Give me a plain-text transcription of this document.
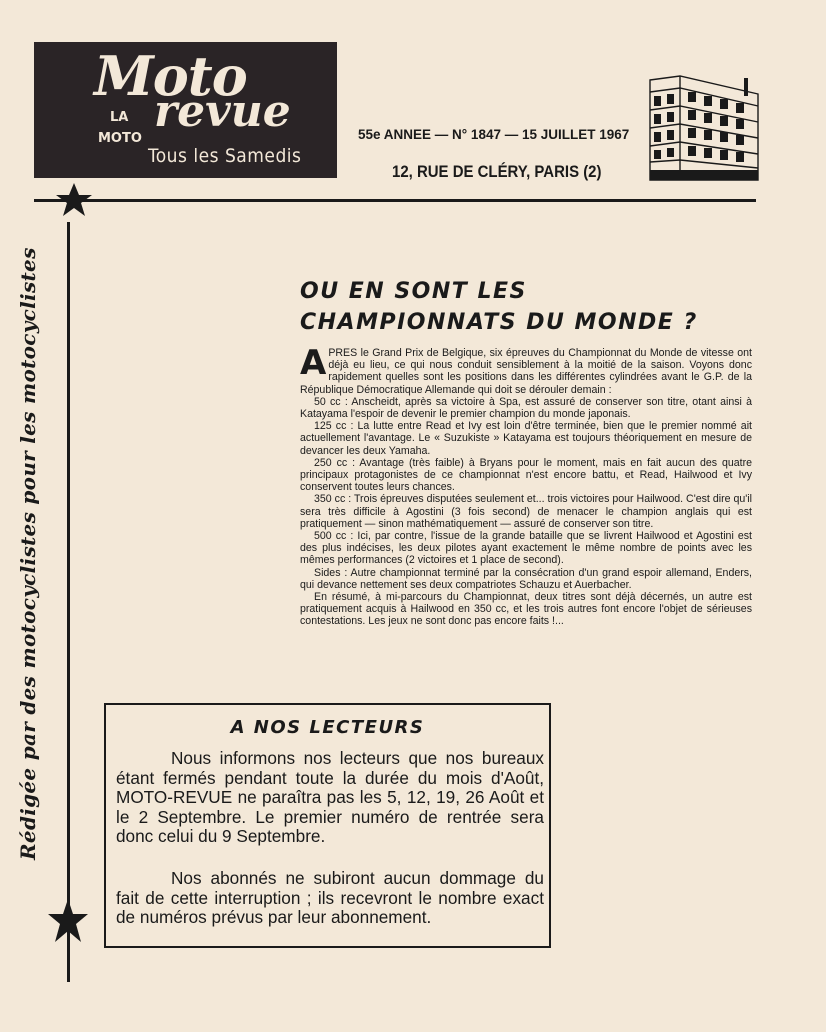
Moto
LA
MOTO
revue
Tous les Samedis
55e ANNEE — N° 1847 — 15 JUILLET 1967
12, RUE DE CLÉRY, PARIS (2)
Rédigée par des motocyclistes pour les motocyclistes	OU EN SONT LES
CHAMPIONNATS DU MONDE ?

APRES le Grand Prix de Belgique, six épreuves du Championnat du Monde de vitesse ont déjà eu lieu, ce qui nous conduit sensiblement à la moitié de la saison. Voyons donc rapidement quelles sont les positions dans les différentes cylindrées avant le G.P. de la République Démocratique Allemande qui doit se dérouler demain :

50 cc : Anscheidt, après sa victoire à Spa, est assuré de conserver son titre, otant ainsi à Katayama l'espoir de devenir le premier champion du monde japonais.

125 cc : La lutte entre Read et Ivy est loin d'être terminée, bien que le premier nommé ait actuellement l'avantage. Le « Suzukiste » Katayama est toujours théoriquement en mesure de devancer les deux Yamaha.

250 cc : Avantage (très faible) à Bryans pour le moment, mais en fait aucun des quatre principaux protagonistes de ce championnat n'est encore battu, et Read, Hailwood et Ivy conservent toutes leurs chances.

350 cc : Trois épreuves disputées seulement et... trois victoires pour Hailwood. C'est dire qu'il sera très difficile à Agostini (3 fois second) de menacer le champion anglais qui est pratiquement — sinon mathématiquement — assuré de conserver son titre.

500 cc : Ici, par contre, l'issue de la grande bataille que se livrent Hailwood et Agostini est des plus indécises, les deux pilotes ayant exactement le même nombre de points avec les mêmes performances (2 victoires et 1 place de second).

Sides : Autre championnat terminé par la consécration d'un grand espoir allemand, Enders, qui devance nettement ses deux compatriotes Schauzu et Auerbacher.

En résumé, à mi-parcours du Championnat, deux titres sont déjà décernés, un autre est pratiquement acquis à Hailwood en 350 cc, et les trois autres font encore l'objet de sérieuses contestations. Les jeux ne sont donc pas encore faits !...

A NOS LECTEURS
Nous informons nos lecteurs que nos bureaux étant fermés pendant toute la durée du mois d'Août, MOTO-REVUE ne paraîtra pas les 5, 12, 19, 26 Août et le 2 Septembre. Le premier numéro de rentrée sera donc celui du 9 Septembre.
Nos abonnés ne subiront aucun dommage du fait de cette interruption ; ils recevront le nombre exact de numéros prévus par leur abonnement.
